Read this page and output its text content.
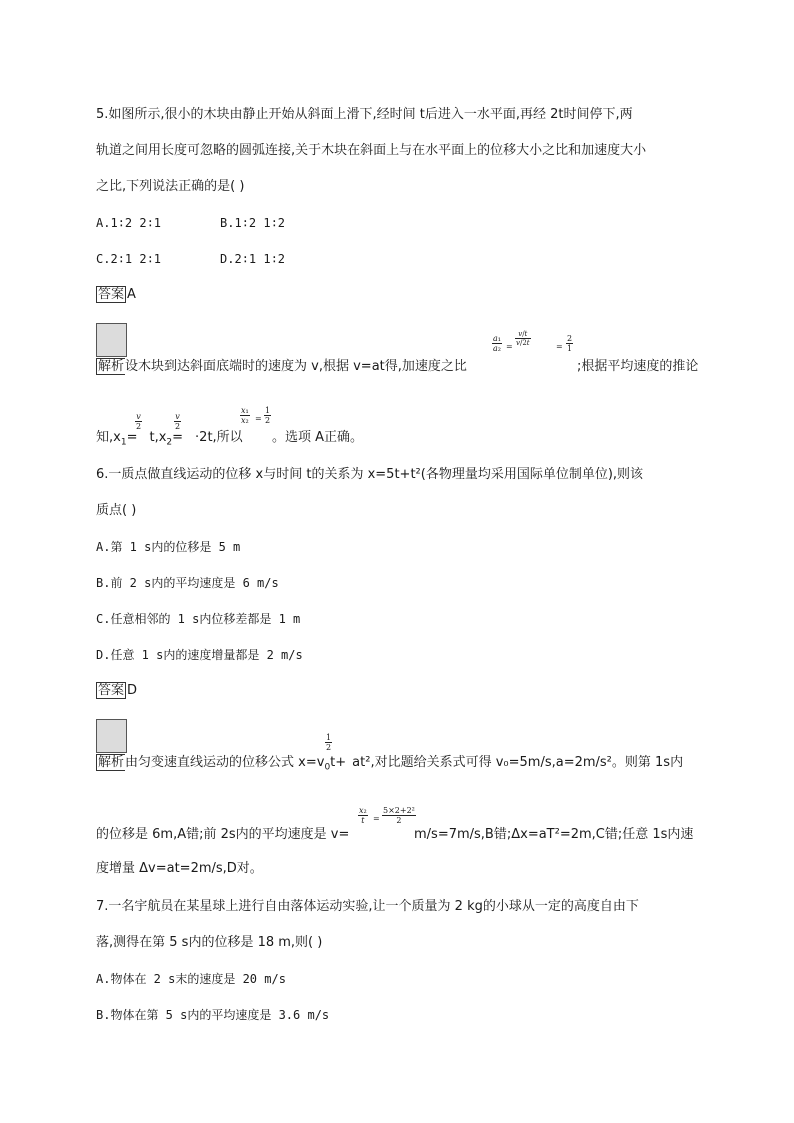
5.如图所示,很小的木块由静止开始从斜面上滑下,经时间 t后进入一水平面,再经 2t时间停下,两
轨道之间用长度可忽略的圆弧连接,关于木块在斜面上与在水平面上的位移大小之比和加速度大小
之比,下列说法正确的是( )
A.1∶2 2∶1	B.1∶2 1∶2
C.2∶1 2∶1	D.2∶1 1∶2
答案 A
解析设木块到达斜面底端时的速度为 v,根据 v=at得,加速度之比
$\frac{\text{a₁}}{\text{a₂}} = \frac{v/t}{v/2t}$	= $\frac{2}{1}$
;根据平均速度的推论
知$,x_1= t,x_2= \cdot 2t$,所以
$\frac{v}{2}$	$\frac{v}{2}$	$\frac{\text{x₁}}{\text{x₂}} = \frac{1}{2}$
。选项 A正确。
6.一质点做直线运动的位移 x与时间 t的关系为 x=5t+t²(各物理量均采用国际单位制单位),则该
质点( )
A.第 1 s内的位移是 5 m
B.前 2 s内的平均速度是 6 m/s
C.任意相邻的 1 s内位移差都是 1 m
D.任意 1 s内的速度增量都是 2 m/s
答案 D
$\frac{1}{2}$
解析由匀变速直线运动的位移公式 $x=v_0t+ at^2$,对比题给关系式可得 v₀=5m/s,a=2m/s²。则第 1s内
$\frac{\text{x₂}}{t} = \frac{\text{5×2+2²}}{2}$
的位移是 6m,A错;前 2s内的平均速度是 v=	m/s=7m/s,B错;Δx=aT²=2m,C错;任意 1s内速
度增量 Δv=at=2m/s,D对。
7.一名宇航员在某星球上进行自由落体运动实验,让一个质量为 2 kg的小球从一定的高度自由下
落,测得在第 5 s内的位移是 18 m,则( )
A.物体在 2 s末的速度是 20 m/s
B.物体在第 5 s内的平均速度是 3.6 m/s
